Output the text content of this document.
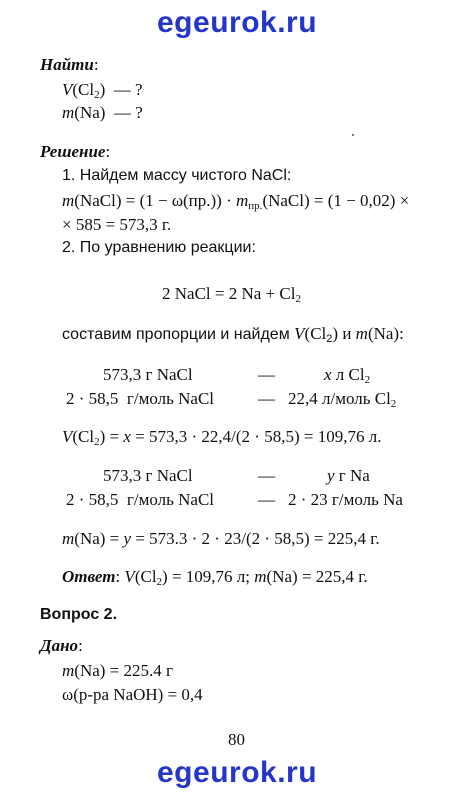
egeurok.ru
Найти:
$V(Cl_2)$  — ?
m(Na)  — ?
Решение:
1. Найдем массу чистого NaCl:
m(NaCl) = $(1 - \omega(пр.)) \cdot m_{пр.}(NaCl) = (1 - 0,02)$ ×
× 585 = 573,3 г.
2. По уравнению реакции:
2 NaCl = 2 $Na + Cl_2$
составим пропорции и найдем $V(Cl_2)$ и m(Na):
573,3 г NaCl	—	x л $Cl_2$
2 · 58,5  г/моль NaCl	— 22,4 л/моль $Cl_2$
$V(Cl_2) = x = 573,3 \cdot 22,4/(2 \cdot 58,5) = 109,76$ л.
573,3 г NaCl	—	y г Na
2 · 58,5  г/моль NaCl	— 2 · 23 г/моль Na
m(Na) = y = 573.3 · 2 · 23/(2 · 58,5) = 225,4 г.
Ответ: $V(Cl_2) = 109,76$ л; m(Na) = 225,4 г.
Вопрос 2.
Дано:
m(Na) = 225.4 г
ω(р-ра NaOH) = 0,4
80
egeurok.ru
